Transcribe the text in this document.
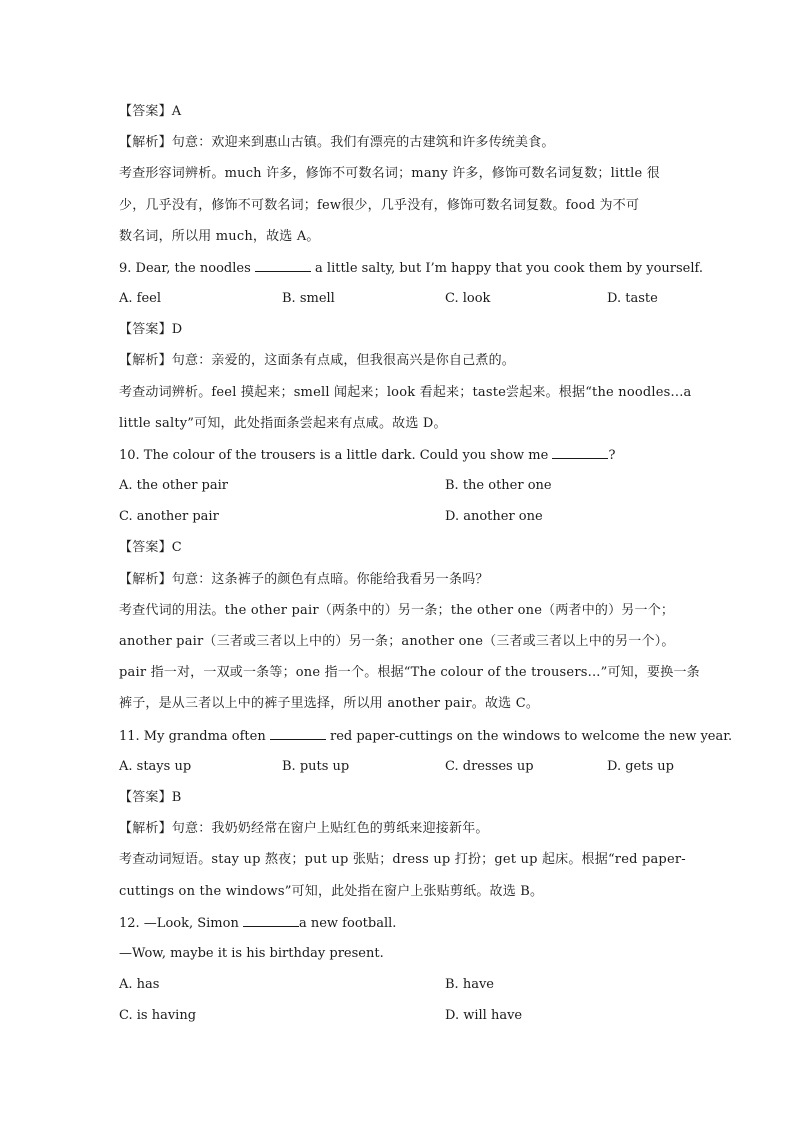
【答案】A
【解析】句意：欢迎来到惠山古镇。我们有漂亮的古建筑和许多传统美食。
考查形容词辨析。much 许多，修饰不可数名词；many 许多，修饰可数名词复数；little 很
少，几乎没有，修饰不可数名词；few很少，几乎没有，修饰可数名词复数。food 为不可
数名词，所以用 much，故选 A。
9. Dear, the noodles	a little salty, but I’m happy that you cook them by yourself.
A. feel	B. smell	C. look	D. taste
【答案】D
【解析】句意：亲爱的，这面条有点咸，但我很高兴是你自己煮的。
考查动词辨析。feel 摸起来；smell 闻起来；look 看起来；taste尝起来。根据“the noodles...a
little salty”可知，此处指面条尝起来有点咸。故选 D。
10. The colour of the trousers is a little dark. Could you show me	?
A. the other pair	B. the other one
C. another pair	D. another one
【答案】C
【解析】句意：这条裤子的颜色有点暗。你能给我看另一条吗？
考查代词的用法。the other pair（两条中的）另一条；the other one（两者中的）另一个；
another pair（三者或三者以上中的）另一条；another one（三者或三者以上中的另一个）。
pair 指一对，一双或一条等；one 指一个。根据“The colour of the trousers...”可知，要换一条
裤子，是从三者以上中的裤子里选择，所以用 another pair。故选 C。
11. My grandma often	red paper-cuttings on the windows to welcome the new year.
A. stays up	B. puts up	C. dresses up	D. gets up
【答案】B
【解析】句意：我奶奶经常在窗户上贴红色的剪纸来迎接新年。
考查动词短语。stay up 熬夜；put up 张贴；dress up 打扮；get up 起床。根据“red paper-
cuttings on the windows”可知，此处指在窗户上张贴剪纸。故选 B。
12. —Look, Simon	a new football.
—Wow, maybe it is his birthday present.
A. has	B. have
C. is having	D. will have
